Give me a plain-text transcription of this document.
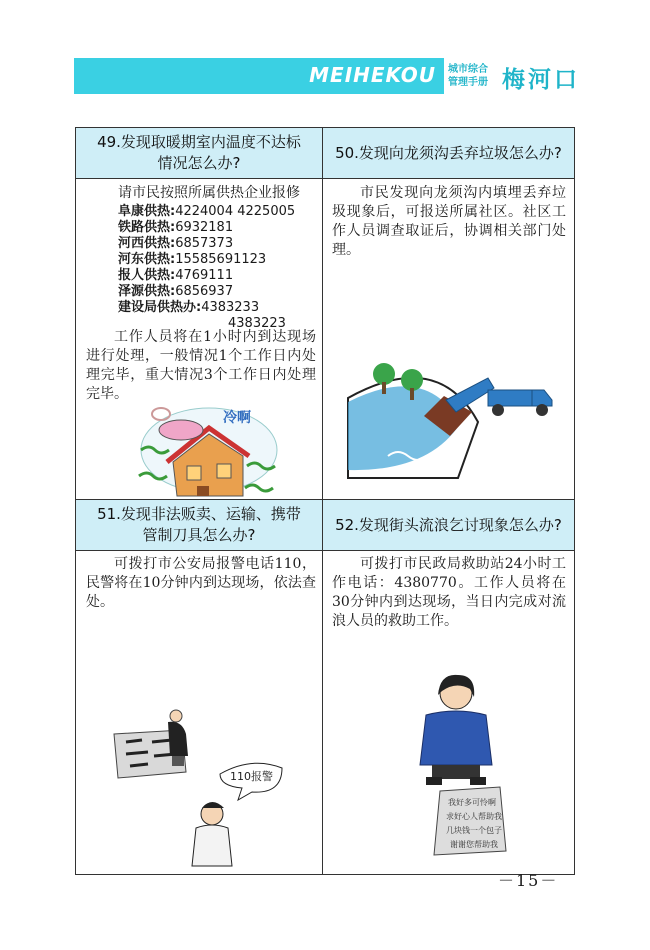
MEIHEKOU 城市综合
管理手册 梅河口
49.发现取暖期室内温度不达标
情况怎么办?
请市民按照所属供热企业报修
阜康供热:4224004 4225005
铁路供热:6932181
河西供热:6857373
河东供热:15585691123
报人供热:4769111
泽源供热:6856937
建设局供热办:4383233
4383223
工作人员将在1小时内到达现场进行处理，一般情况1个工作日内处理完毕，重大情况3个工作日内处理完毕。
冷啊
50.发现向龙须沟丢弃垃圾怎么办?
市民发现向龙须沟内填埋丢弃垃圾现象后，可报送所属社区。社区工作人员调查取证后，协调相关部门处理。
51.发现非法贩卖、运输、携带
管制刀具怎么办?
可拨打市公安局报警电话110，民警将在10分钟内到达现场，依法查处。
110报警
52.发现街头流浪乞讨现象怎么办?
可拨打市民政局救助站24小时工作电话：4380770。工作人员将在30分钟内到达现场，当日内完成对流浪人员的救助工作。
我好多可怜啊
求好心人帮助我
几块钱一个包子
谢谢您帮助我
－15－
